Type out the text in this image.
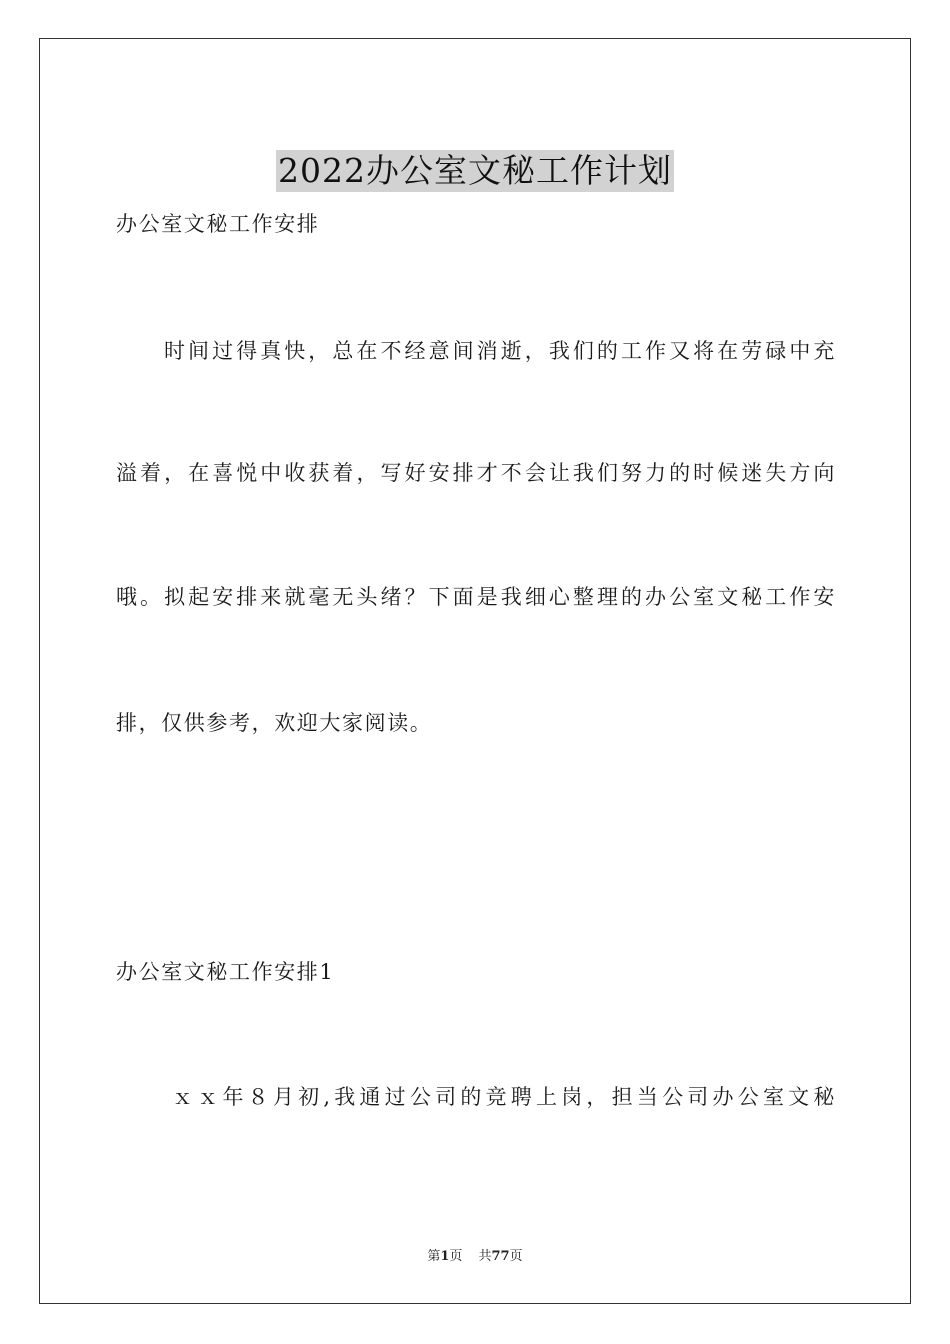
2022办公室文秘工作计划
办公室文秘工作安排
时间过得真快，总在不经意间消逝，我们的工作又将在劳碌中充
溢着，在喜悦中收获着，写好安排才不会让我们努力的时候迷失方向
哦。拟起安排来就毫无头绪？下面是我细心整理的办公室文秘工作安
排，仅供参考，欢迎大家阅读。
办公室文秘工作安排1
ｘｘ年８月初,我通过公司的竞聘上岗，担当公司办公室文秘
第1页 共77页
